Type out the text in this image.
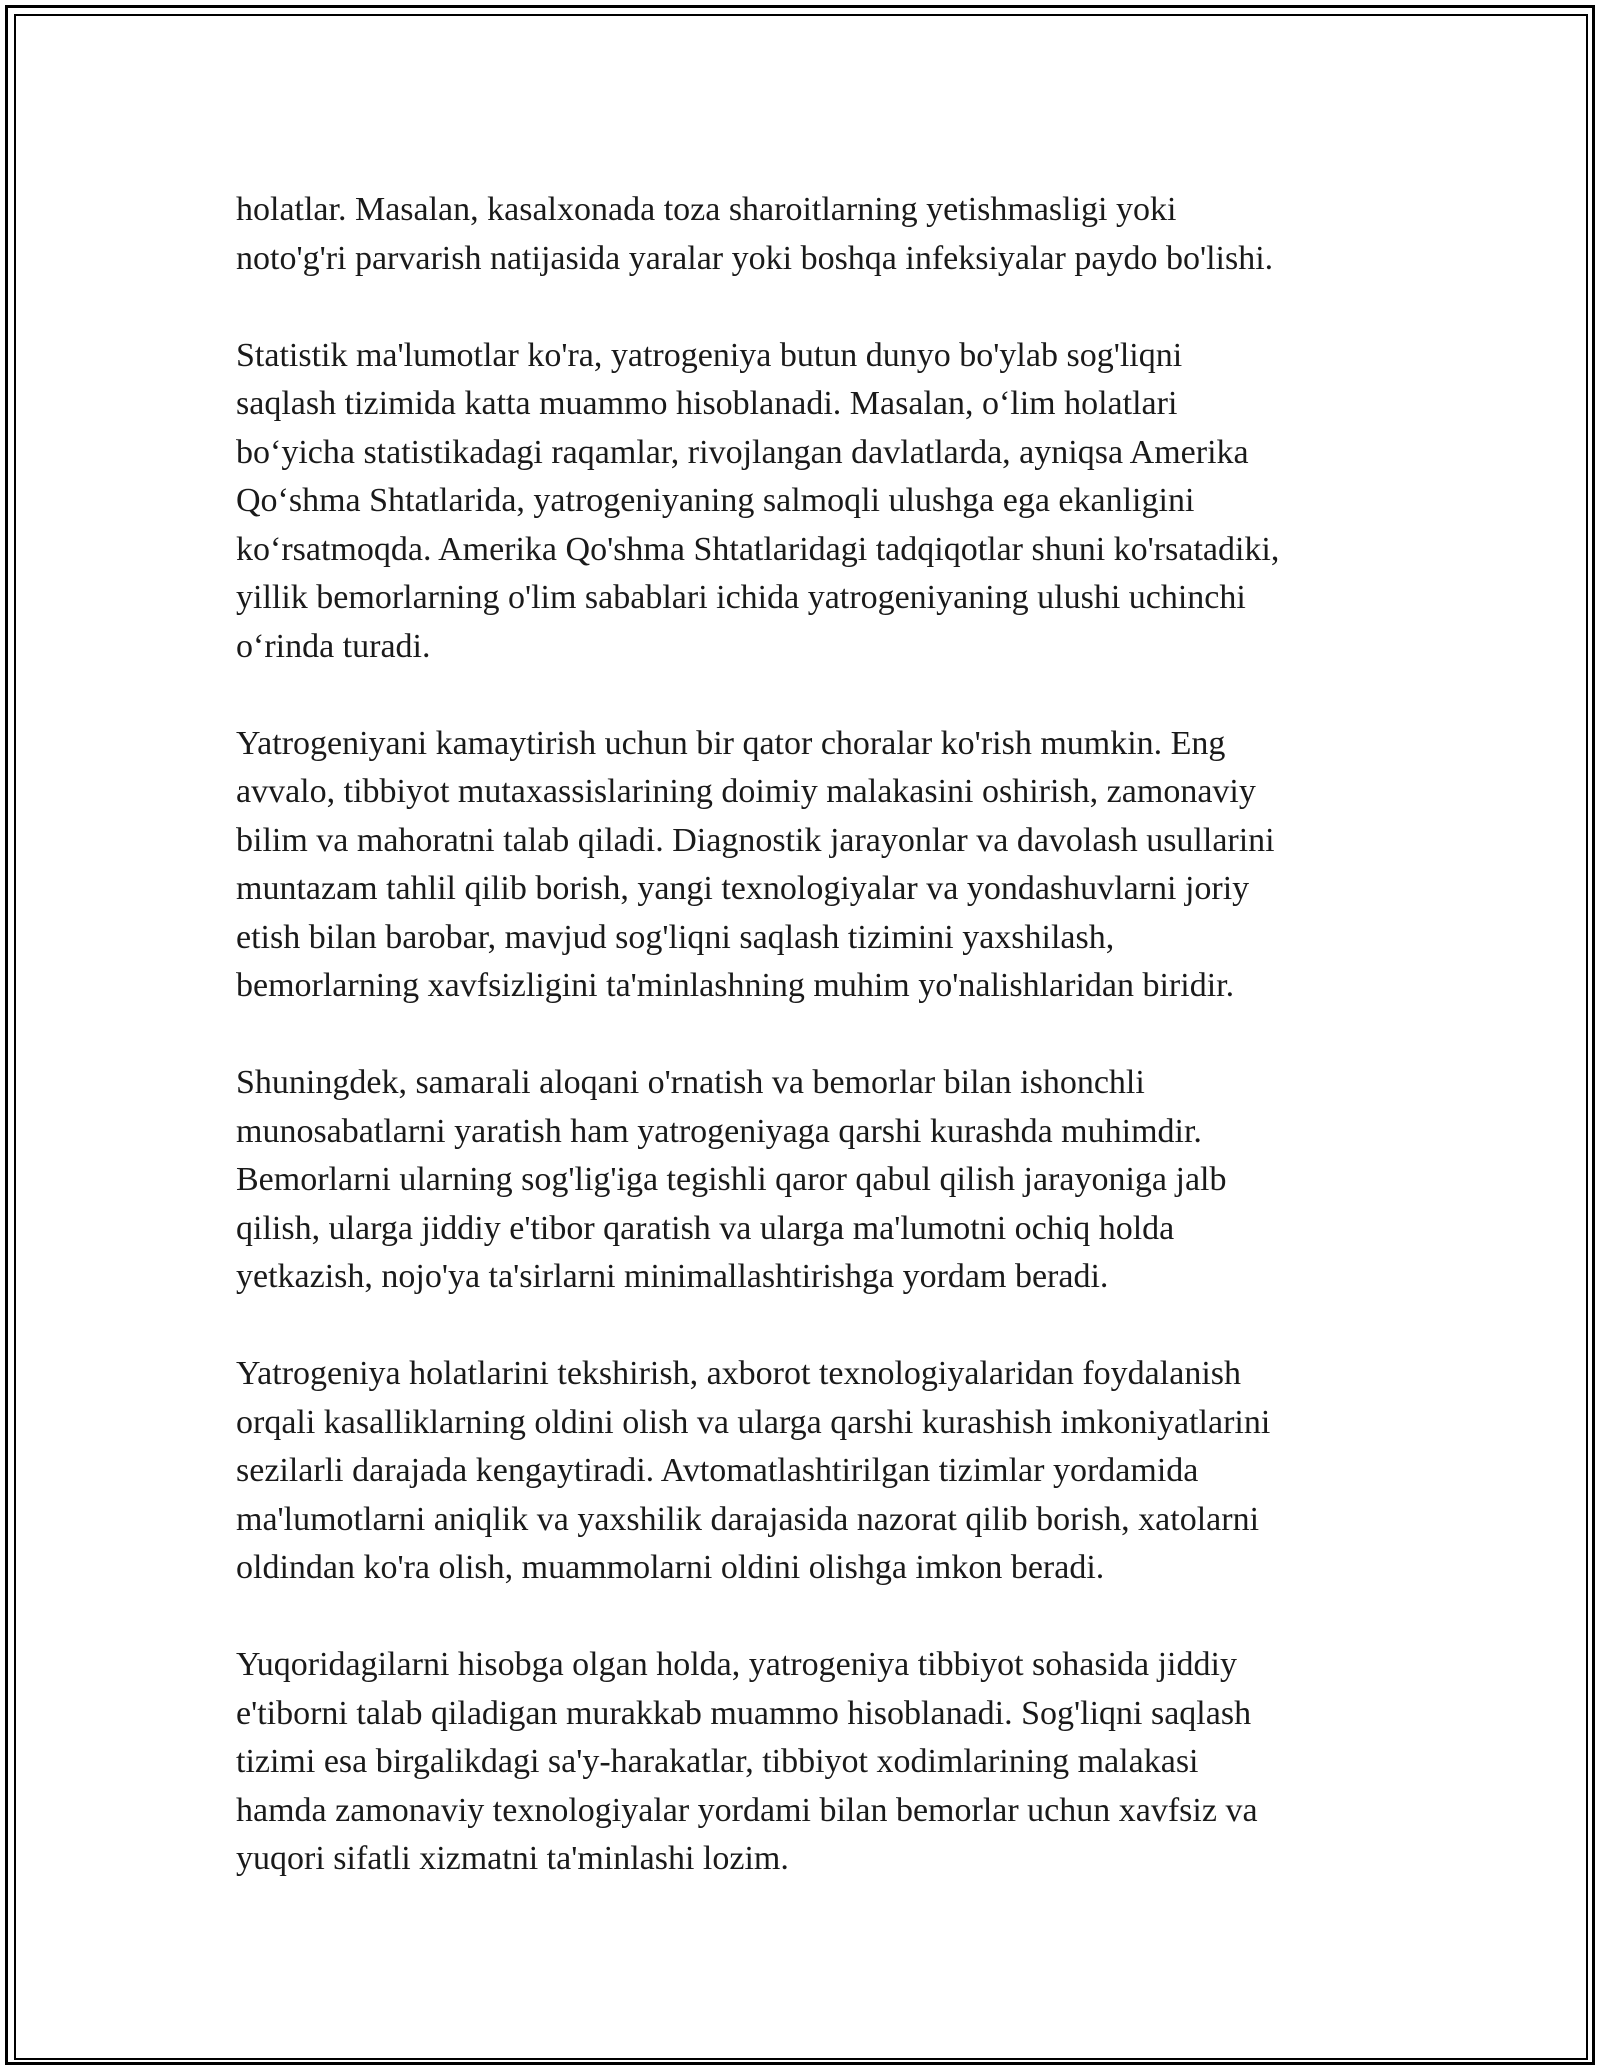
holatlar. Masalan, kasalxonada toza sharoitlarning yetishmasligi yoki
noto'g'ri parvarish natijasida yaralar yoki boshqa infeksiyalar paydo bo'lishi.

Statistik ma'lumotlar ko'ra, yatrogeniya butun dunyo bo'ylab sog'liqni
saqlash tizimida katta muammo hisoblanadi. Masalan, o‘lim holatlari
bo‘yicha statistikadagi raqamlar, rivojlangan davlatlarda, ayniqsa Amerika
Qo‘shma Shtatlarida, yatrogeniyaning salmoqli ulushga ega ekanligini
ko‘rsatmoqda. Amerika Qo'shma Shtatlaridagi tadqiqotlar shuni ko'rsatadiki,
yillik bemorlarning o'lim sabablari ichida yatrogeniyaning ulushi uchinchi
o‘rinda turadi.

Yatrogeniyani kamaytirish uchun bir qator choralar ko'rish mumkin. Eng
avvalo, tibbiyot mutaxassislarining doimiy malakasini oshirish, zamonaviy
bilim va mahoratni talab qiladi. Diagnostik jarayonlar va davolash usullarini
muntazam tahlil qilib borish, yangi texnologiyalar va yondashuvlarni joriy
etish bilan barobar, mavjud sog'liqni saqlash tizimini yaxshilash,
bemorlarning xavfsizligini ta'minlashning muhim yo'nalishlaridan biridir.

Shuningdek, samarali aloqani o'rnatish va bemorlar bilan ishonchli
munosabatlarni yaratish ham yatrogeniyaga qarshi kurashda muhimdir.
Bemorlarni ularning sog'lig'iga tegishli qaror qabul qilish jarayoniga jalb
qilish, ularga jiddiy e'tibor qaratish va ularga ma'lumotni ochiq holda
yetkazish, nojo'ya ta'sirlarni minimallashtirishga yordam beradi.

Yatrogeniya holatlarini tekshirish, axborot texnologiyalaridan foydalanish
orqali kasalliklarning oldini olish va ularga qarshi kurashish imkoniyatlarini
sezilarli darajada kengaytiradi. Avtomatlashtirilgan tizimlar yordamida
ma'lumotlarni aniqlik va yaxshilik darajasida nazorat qilib borish, xatolarni
oldindan ko'ra olish, muammolarni oldini olishga imkon beradi.

Yuqoridagilarni hisobga olgan holda, yatrogeniya tibbiyot sohasida jiddiy
e'tiborni talab qiladigan murakkab muammo hisoblanadi. Sog'liqni saqlash
tizimi esa birgalikdagi sa'y-harakatlar, tibbiyot xodimlarining malakasi
hamda zamonaviy texnologiyalar yordami bilan bemorlar uchun xavfsiz va
yuqori sifatli xizmatni ta'minlashi lozim.
